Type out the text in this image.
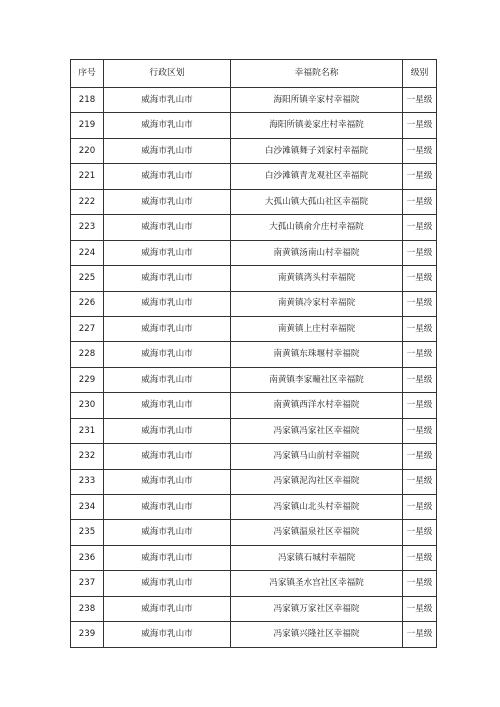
序号	行政区划	幸福院名称	级别
218	威海市乳山市	海阳所镇辛家村幸福院	一星级
219	威海市乳山市	海阳所镇姜家庄村幸福院	一星级
220	威海市乳山市	白沙滩镇舞子刘家村幸福院	一星级
221	威海市乳山市	白沙滩镇青龙观社区幸福院	一星级
222	威海市乳山市	大孤山镇大孤山社区幸福院	一星级
223	威海市乳山市	大孤山镇俞介庄村幸福院	一星级
224	威海市乳山市	南黄镇汤南山村幸福院	一星级
225	威海市乳山市	南黄镇湾头村幸福院	一星级
226	威海市乳山市	南黄镇冷家村幸福院	一星级
227	威海市乳山市	南黄镇上庄村幸福院	一星级
228	威海市乳山市	南黄镇东珠堰村幸福院	一星级
229	威海市乳山市	南黄镇李家疃社区幸福院	一星级
230	威海市乳山市	南黄镇西洋水村幸福院	一星级
231	威海市乳山市	冯家镇冯家社区幸福院	一星级
232	威海市乳山市	冯家镇马山前村幸福院	一星级
233	威海市乳山市	冯家镇泥沟社区幸福院	一星级
234	威海市乳山市	冯家镇山北头村幸福院	一星级
235	威海市乳山市	冯家镇温泉社区幸福院	一星级
236	威海市乳山市	冯家镇石城村幸福院	一星级
237	威海市乳山市	冯家镇圣水宫社区幸福院	一星级
238	威海市乳山市	冯家镇万家社区幸福院	一星级
239	威海市乳山市	冯家镇兴隆社区幸福院	一星级
